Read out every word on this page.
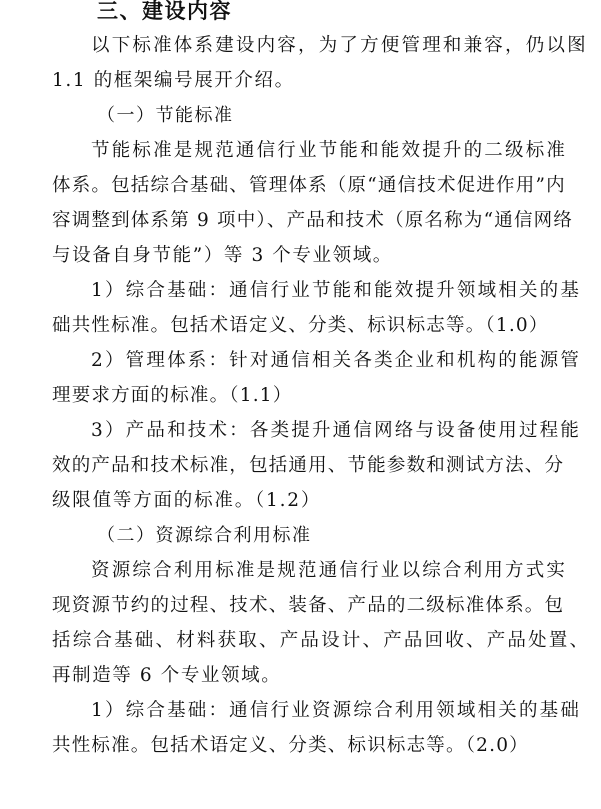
三、建设内容
以下标准体系建设内容，为了方便管理和兼容，仍以图
1.1 的框架编号展开介绍。
（一）节能标准
节能标准是规范通信行业节能和能效提升的二级标准
体系。包括综合基础、管理体系（原“通信技术促进作用”内
容调整到体系第 9 项中）、产品和技术（原名称为“通信网络
与设备自身节能”）等 3 个专业领域。
1）综合基础：通信行业节能和能效提升领域相关的基
础共性标准。包括术语定义、分类、标识标志等。（1.0）
2）管理体系：针对通信相关各类企业和机构的能源管
理要求方面的标准。（1.1）
3）产品和技术：各类提升通信网络与设备使用过程能
效的产品和技术标准，包括通用、节能参数和测试方法、分
级限值等方面的标准。（1.2）
（二）资源综合利用标准
资源综合利用标准是规范通信行业以综合利用方式实
现资源节约的过程、技术、装备、产品的二级标准体系。包
括综合基础、材料获取、产品设计、产品回收、产品处置、
再制造等 6 个专业领域。
1）综合基础：通信行业资源综合利用领域相关的基础
共性标准。包括术语定义、分类、标识标志等。（2.0）
